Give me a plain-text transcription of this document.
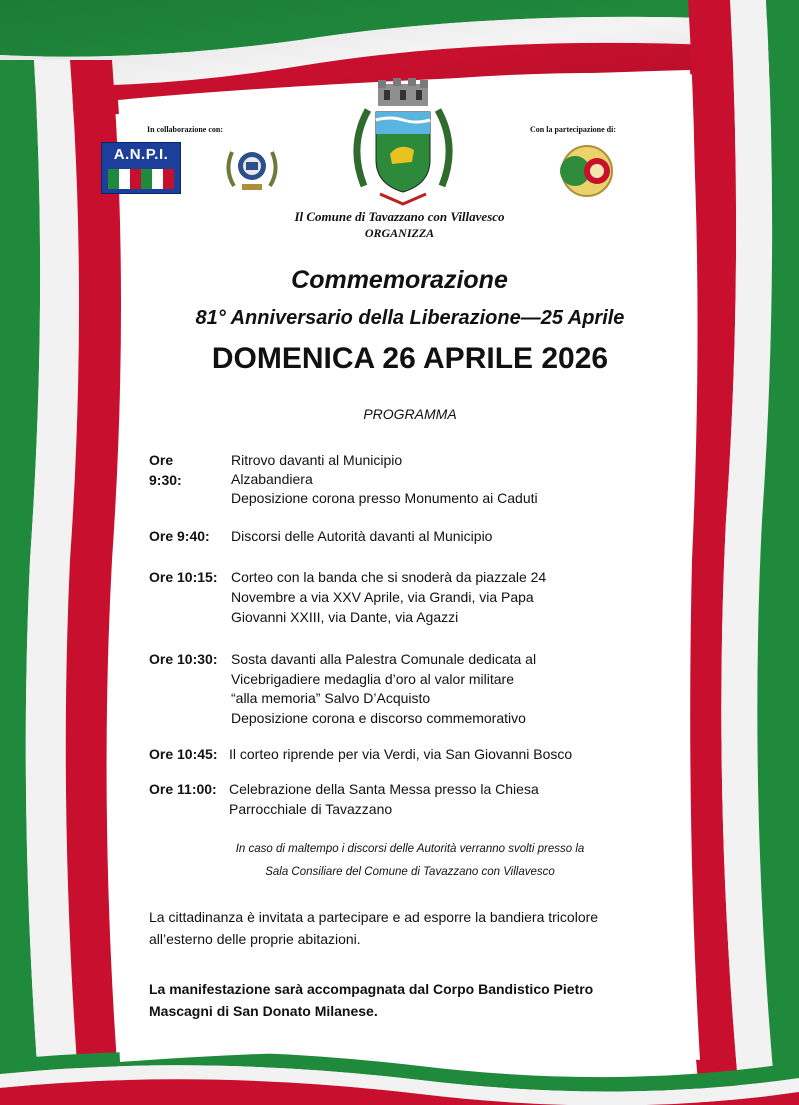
In collaborazione con:	Con la partecipazione di:
A.N.P.I.
Il Comune di Tavazzano con Villavesco
ORGANIZZA
Commemorazione
81° Anniversario della Liberazione—25 Aprile
DOMENICA 26 APRILE 2026
PROGRAMMA
Ore 9:30:
Ritrovo davanti al Municipio
Alzabandiera
Deposizione corona presso Monumento ai Caduti
Ore 9:40: Discorsi delle Autorità davanti al Municipio
Ore 10:15: Corteo con la banda che si snoderà da piazzale 24
Novembre a via XXV Aprile, via Grandi, via Papa
Giovanni XXIII, via Dante, via Agazzi
Ore 10:30: Sosta davanti alla Palestra Comunale dedicata al
Vicebrigadiere medaglia d’oro al valor militare
“alla memoria” Salvo D’Acquisto
Deposizione corona e discorso commemorativo
Ore 10:45: Il corteo riprende per via Verdi, via San Giovanni Bosco
Ore 11:00: Celebrazione della Santa Messa presso la Chiesa
Parrocchiale di Tavazzano
In caso di maltempo i discorsi delle Autorità verranno svolti presso la
Sala Consiliare del Comune di Tavazzano con Villavesco
La cittadinanza è invitata a partecipare e ad esporre la bandiera tricolore
all’esterno delle proprie abitazioni.
La manifestazione sarà accompagnata dal Corpo Bandistico Pietro
Mascagni di San Donato Milanese.
